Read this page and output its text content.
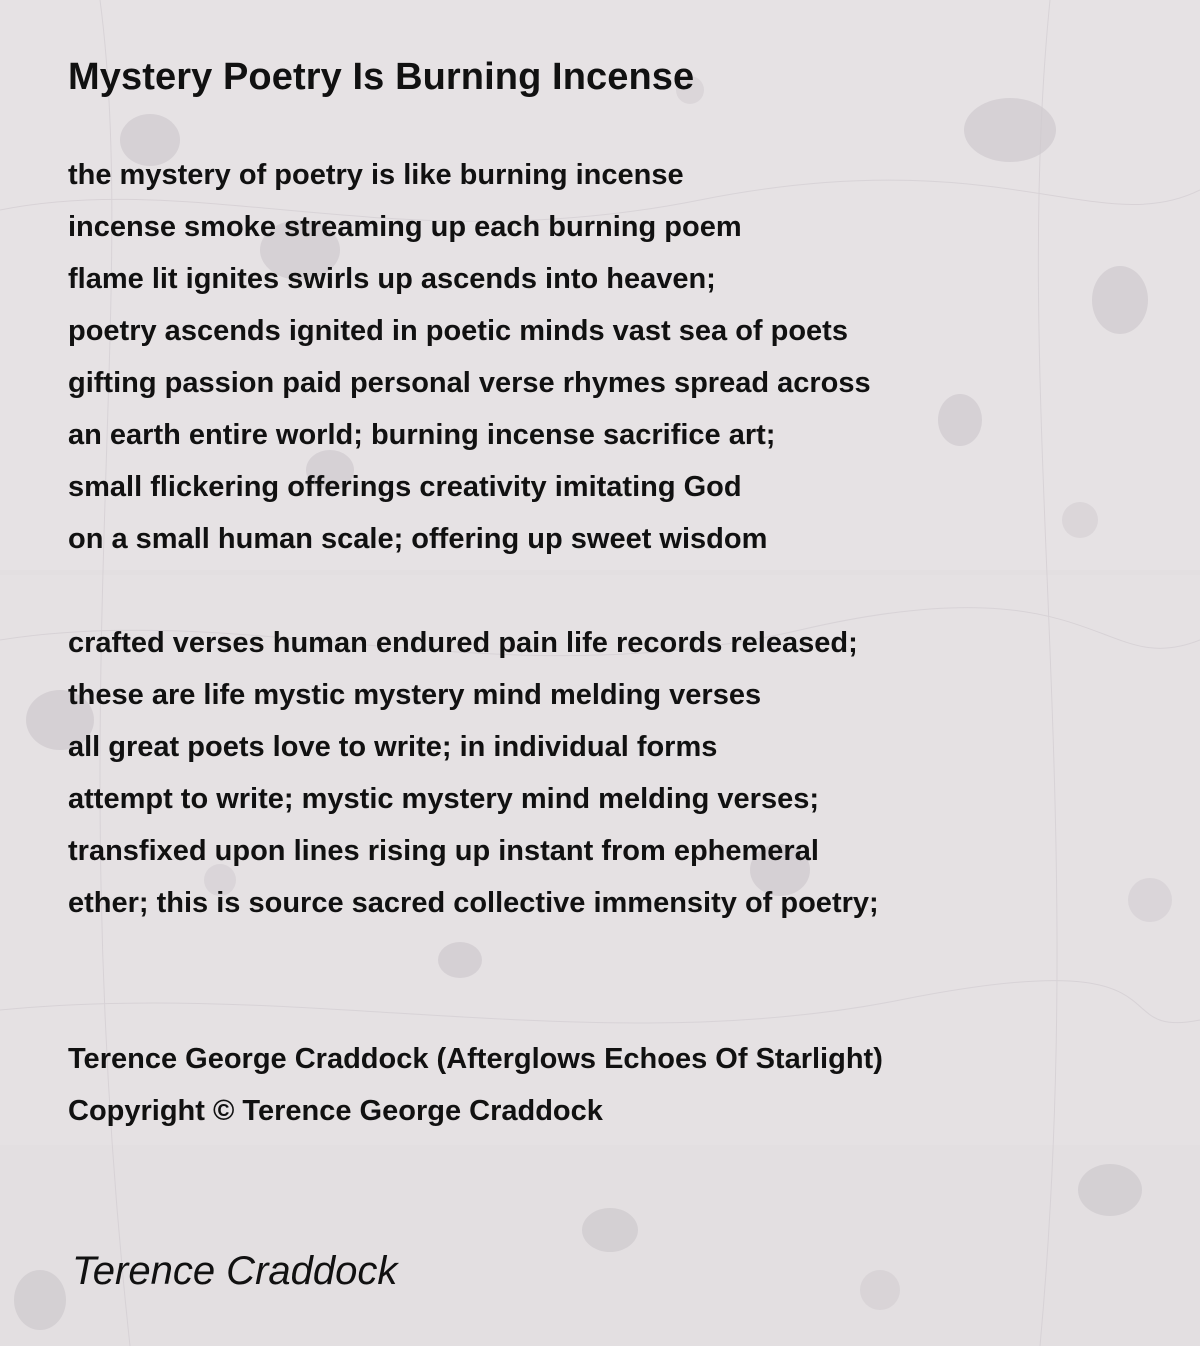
Mystery Poetry Is Burning Incense
the mystery of poetry is like burning incense
incense smoke streaming up each burning poem
flame lit ignites swirls up ascends into heaven;
poetry ascends ignited in poetic minds vast sea of poets
gifting passion paid personal verse rhymes spread across
an earth entire world; burning incense sacrifice art;
small flickering offerings creativity imitating God
on a small human scale; offering up sweet wisdom
crafted verses human endured pain life records released;
these are life mystic mystery mind melding verses
all great poets love to write; in individual forms
attempt to write; mystic mystery mind melding verses;
transfixed upon lines rising up instant from ephemeral
ether; this is source sacred collective immensity of poetry;
Terence George Craddock (Afterglows Echoes Of Starlight)
Copyright © Terence George Craddock

Terence Craddock
